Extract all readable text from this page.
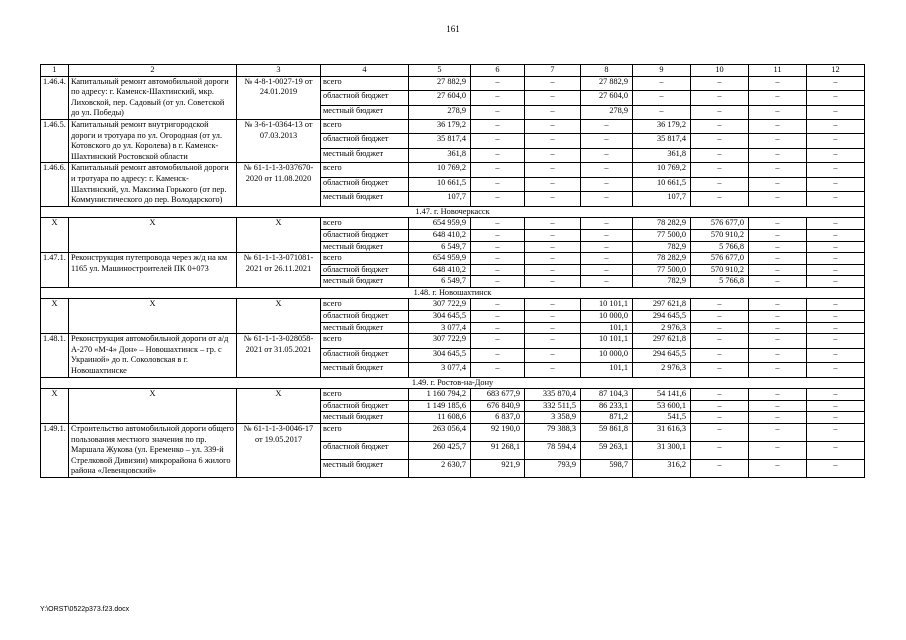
161
1	2	3	4	5	6	7	8	9	10	11	12
1.46.4.	Капитальный ремонт автомобильной дороги по адресу: г. Каменск-Шахтинский, мкр. Лиховской, пер. Садовый (от ул. Советской до ул. Победы)	№ 4-8-1-0027-19 от 24.01.2019	всего	27 882,9	–	–	27 882,9	–	–	–	–
			областной бюджет	27 604,0	–	–	27 604,0	–	–	–	–
			местный бюджет	278,9	–	–	278,9	–	–	–	–
1.46.5.	Капитальный ремонт внутригородской дороги и тротуара по ул. Огородная (от ул. Котовского до ул. Королева) в г. Каменск-Шахтинский Ростовской области	№ 3-6-1-0364-13 от 07.03.2013	всего	36 179,2	–	–	–	36 179,2	–	–	–
			областной бюджет	35 817,4	–	–	–	35 817,4	–	–	–
			местный бюджет	361,8	–	–	–	361,8	–	–	–
1.46.6.	Капитальный ремонт автомобильной дороги и тротуара по адресу: г. Каменск-Шахтинский, ул. Максима Горького (от пер. Коммунистического до пер. Володарского)	№ 61-1-1-3-037670-2020 от 11.08.2020	всего	10 769,2	–	–	–	10 769,2	–	–	–
			областной бюджет	10 661,5	–	–	–	10 661,5	–	–	–
			местный бюджет	107,7	–	–	–	107,7	–	–	–
1.47. г. Новочеркасск											
Х	Х	Х	всего	654 959,9	–	–	–	78 282,9	576 677,0	–	–
			областной бюджет	648 410,2	–	–	–	77 500,0	570 910,2	–	–
			местный бюджет	6 549,7	–	–	–	782,9	5 766,8	–	–
1.47.1.	Реконструкция путепровода через ж/д на км 1165 ул. Машиностроителей ПК 0+073	№ 61-1-1-3-071081-2021 от 26.11.2021	всего	654 959,9	–	–	–	78 282,9	576 677,0	–	–
			областной бюджет	648 410,2	–	–	–	77 500,0	570 910,2	–	–
			местный бюджет	6 549,7	–	–	–	782,9	5 766,8	–	–
1.48. г. Новошахтинск											
Х	Х	Х	всего	307 722,9	–	–	10 101,1	297 621,8	–	–	–
			областной бюджет	304 645,5	–	–	10 000,0	294 645,5	–	–	–
			местный бюджет	3 077,4	–	–	101,1	2 976,3	–	–	–
1.48.1.	Реконструкция автомобильной дороги от а/д А-270 «М-4» Дон» – Новошахтинск – гр. с Украиной» до п. Соколовская в г. Новошахтинске	№ 61-1-1-3-028058-2021 от 31.05.2021	всего	307 722,9	–	–	10 101,1	297 621,8	–	–	–
			областной бюджет	304 645,5	–	–	10 000,0	294 645,5	–	–	–
			местный бюджет	3 077,4	–	–	101,1	2 976,3	–	–	–
1.49. г. Ростов-на-Дону											
Х	Х	Х	всего	1 160 794,2	683 677,9	335 870,4	87 104,3	54 141,6	–	–	–
			областной бюджет	1 149 185,6	676 840,9	332 511,5	86 233,1	53 600,1	–	–	–
			местный бюджет	11 608,6	6 837,0	3 358,9	871,2	541,5	–	–	–
1.49.1.	Строительство автомобильной дороги общего пользования местного значения по пр. Маршала Жукова (ул. Еременко – ул. 339-й Стрелковой Дивизии) микрорайона 6 жилого района «Левенцовский»	№ 61-1-1-3-0046-17 от 19.05.2017	всего	263 056,4	92 190,0	79 388,3	59 861,8	31 616,3	–	–	–
			областной бюджет	260 425,7	91 268,1	78 594,4	59 263,1	31 300,1	–	–	–
			местный бюджет	2 630,7	921,9	793,9	598,7	316,2	–	–	–
Y:\ORST\0522p373.f23.docx
